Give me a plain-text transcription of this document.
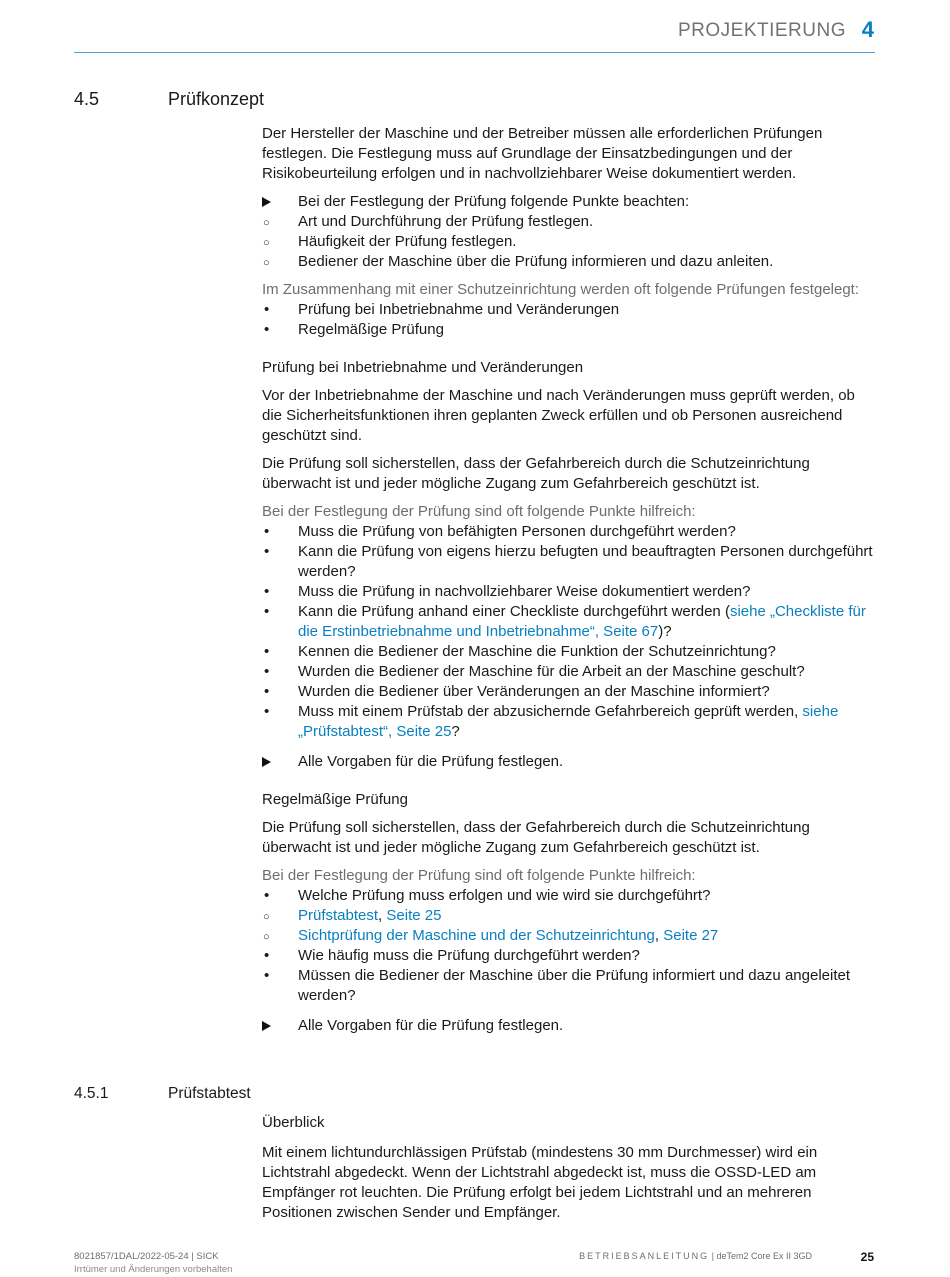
PROJEKTIERUNG 4
4.5	Prüfkonzept

Der Hersteller der Maschine und der Betreiber müssen alle erforderlichen Prüfungen festlegen. Die Festlegung muss auf Grundlage der Einsatzbedingungen und der Risikobeurteilung erfolgen und in nachvollziehbarer Weise dokumentiert werden.

Bei der Festlegung der Prüfung folgende Punkte beachten:
○ Art und Durchführung der Prüfung festlegen.
○ Häufigkeit der Prüfung festlegen.
○ Bediener der Maschine über die Prüfung informieren und dazu anleiten.
Im Zusammenhang mit einer Schutzeinrichtung werden oft folgende Prüfungen festgelegt:
• Prüfung bei Inbetriebnahme und Veränderungen
• Regelmäßige Prüfung

Prüfung bei Inbetriebnahme und Veränderungen

Vor der Inbetriebnahme der Maschine und nach Veränderungen muss geprüft werden, ob die Sicherheitsfunktionen ihren geplanten Zweck erfüllen und ob Personen ausreichend geschützt sind.

Die Prüfung soll sicherstellen, dass der Gefahrbereich durch die Schutzeinrichtung überwacht ist und jeder mögliche Zugang zum Gefahrbereich geschützt ist.

Bei der Festlegung der Prüfung sind oft folgende Punkte hilfreich:
• Muss die Prüfung von befähigten Personen durchgeführt werden?
• Kann die Prüfung von eigens hierzu befugten und beauftragten Personen durchgeführt werden?
• Muss die Prüfung in nachvollziehbarer Weise dokumentiert werden?
• Kann die Prüfung anhand einer Checkliste durchgeführt werden (siehe „Checkliste für die Erstinbetriebnahme und Inbetriebnahme“, Seite 67)?
• Kennen die Bediener der Maschine die Funktion der Schutzeinrichtung?
• Wurden die Bediener der Maschine für die Arbeit an der Maschine geschult?
• Wurden die Bediener über Veränderungen an der Maschine informiert?
• Muss mit einem Prüfstab der abzusichernde Gefahrbereich geprüft werden, siehe „Prüfstabtest“, Seite 25?
Alle Vorgaben für die Prüfung festlegen.

Regelmäßige Prüfung

Die Prüfung soll sicherstellen, dass der Gefahrbereich durch die Schutzeinrichtung überwacht ist und jeder mögliche Zugang zum Gefahrbereich geschützt ist.

Bei der Festlegung der Prüfung sind oft folgende Punkte hilfreich:
• Welche Prüfung muss erfolgen und wie wird sie durchgeführt?
○ Prüfstabtest, Seite 25
○ Sichtprüfung der Maschine und der Schutzeinrichtung, Seite 27
• Wie häufig muss die Prüfung durchgeführt werden?
• Müssen die Bediener der Maschine über die Prüfung informiert und dazu angeleitet werden?
Alle Vorgaben für die Prüfung festlegen.
4.5.1	Prüfstabtest

Überblick

Mit einem lichtundurchlässigen Prüfstab (mindestens 30 mm Durchmesser) wird ein Lichtstrahl abgedeckt. Wenn der Lichtstrahl abgedeckt ist, muss die OSSD-LED am Empfänger rot leuchten. Die Prüfung erfolgt bei jedem Lichtstrahl und an mehreren Positionen zwischen Sender und Empfänger.

8021857/1DAL/2022-05-24 | SICK
Irrtümer und Änderungen vorbehalten
BETRIEBSANLEITUNG | deTem2 Core Ex II 3GD	25
